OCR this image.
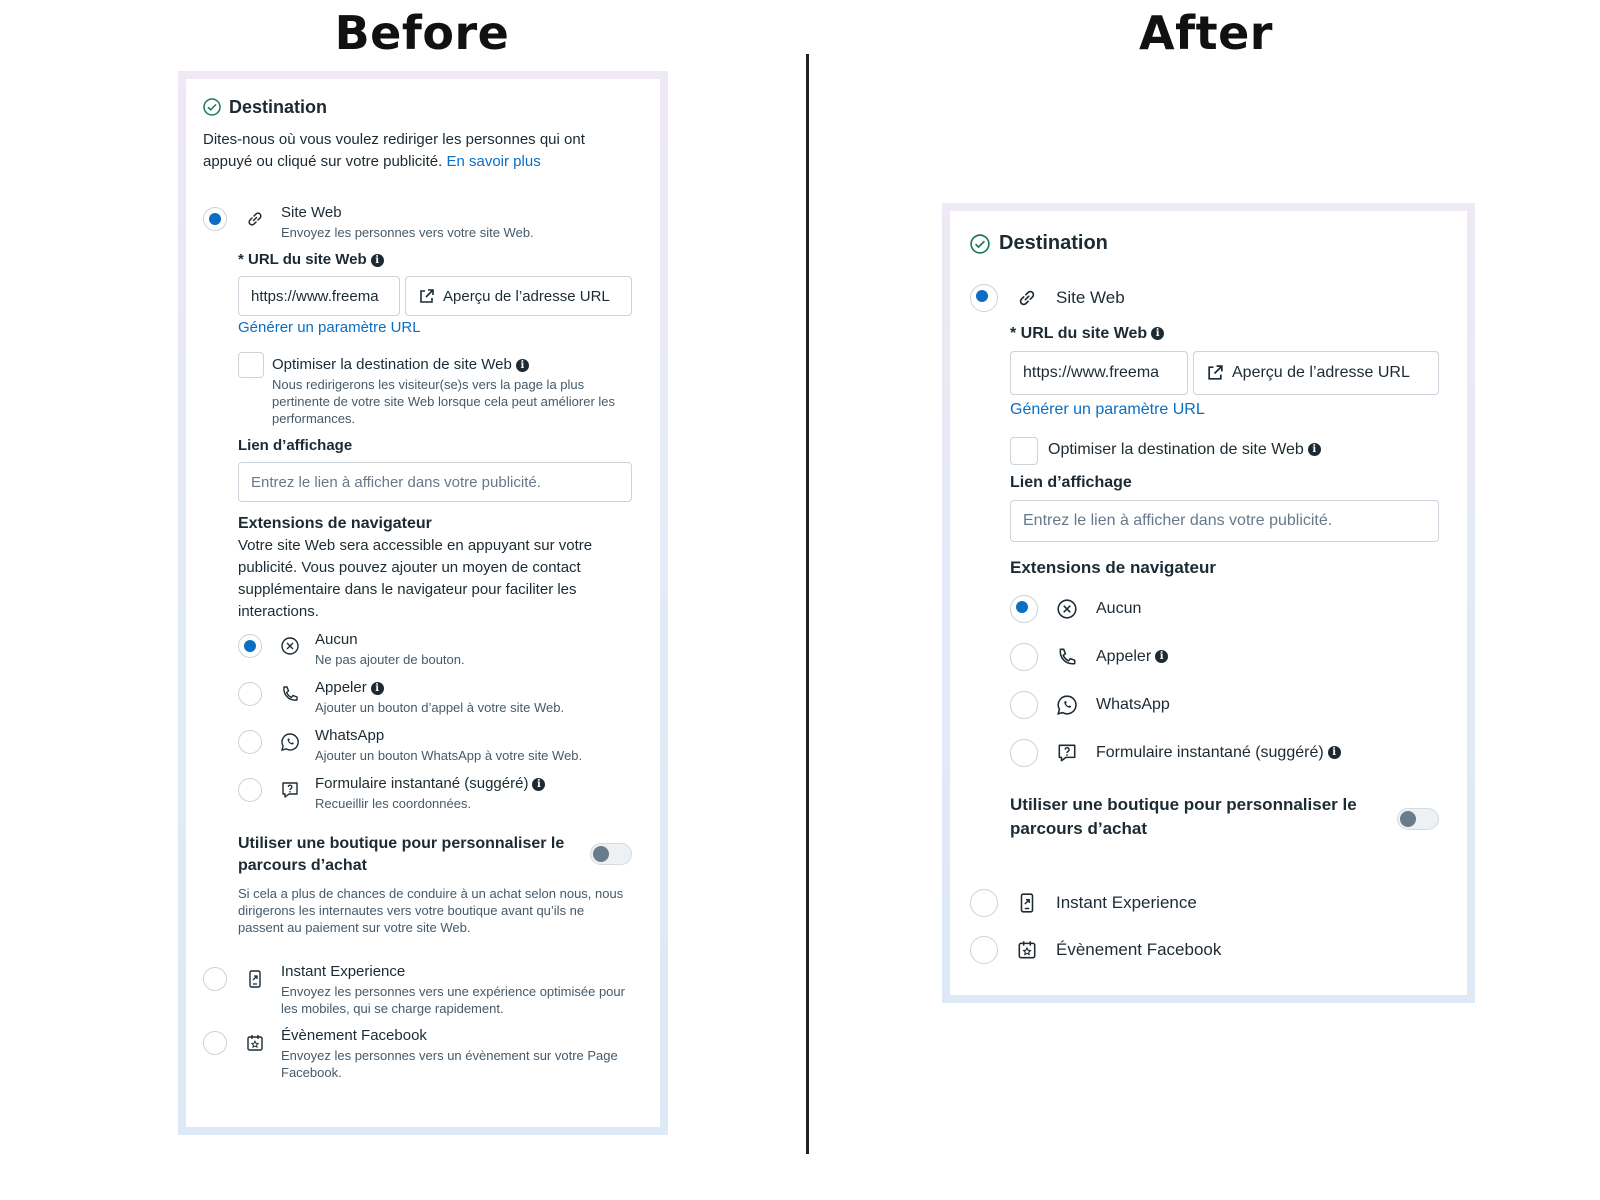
Before	After
Destination
Dites-nous où vous voulez rediriger les personnes qui ont appuyé ou cliqué sur votre publicité. En savoir plus
Site Web
Envoyez les personnes vers votre site Web.
* URL du site Web i
https://www.freema	Aperçu de l’adresse URL
Générer un paramètre URL
Optimiser la destination de site Web i
Nous redirigerons les visiteur(se)s vers la page la plus pertinente de votre site Web lorsque cela peut améliorer les performances.
Lien d’affichage
Entrez le lien à afficher dans votre publicité.
Extensions de navigateur
Votre site Web sera accessible en appuyant sur votre publicité. Vous pouvez ajouter un moyen de contact supplémentaire dans le navigateur pour faciliter les interactions.
Aucun
Ne pas ajouter de bouton.
Appeler i
Ajouter un bouton d’appel à votre site Web.
WhatsApp
Ajouter un bouton WhatsApp à votre site Web.
Formulaire instantané (suggéré) i
Recueillir les coordonnées.
Utiliser une boutique pour personnaliser le parcours d’achat
Si cela a plus de chances de conduire à un achat selon nous, nous dirigerons les internautes vers votre boutique avant qu’ils ne passent au paiement sur votre site Web.
Instant Experience
Envoyez les personnes vers une expérience optimisée pour les mobiles, qui se charge rapidement.
Évènement Facebook
Envoyez les personnes vers un évènement sur votre Page Facebook.
Destination
Site Web
* URL du site Web i
https://www.freema	Aperçu de l’adresse URL
Générer un paramètre URL
Optimiser la destination de site Web i
Lien d’affichage
Entrez le lien à afficher dans votre publicité.
Extensions de navigateur
Aucun
Appeler i
WhatsApp
Formulaire instantané (suggéré) i
Utiliser une boutique pour personnaliser le parcours d’achat
Instant Experience
Évènement Facebook
